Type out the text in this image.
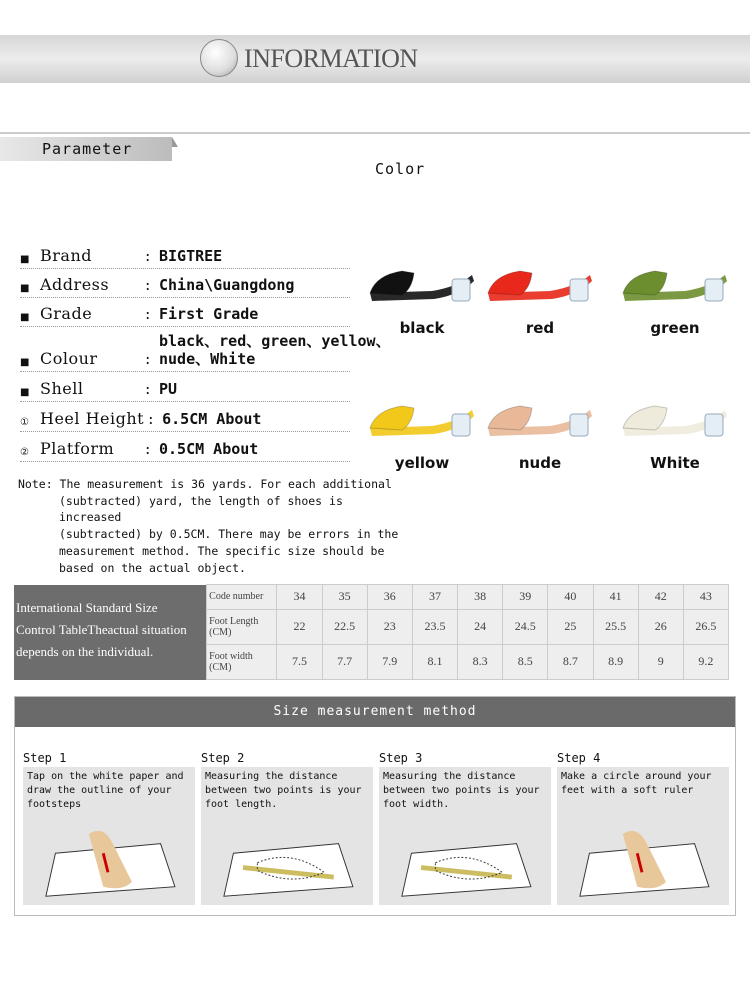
INFORMATION
Parameter
Color
■ Brand	: BIGTREE
■ Address	: China\Guangdong
■ Grade	: First Grade
■ Colour	:
black、red、green、yellow、
nude、White
■ Shell	: PU
① Heel Height : 6.5CM About
② Platform	: 0.5CM About
black	red	green
yellow	nude	White
Note: The measurement is 36 yards. For each additional
(subtracted) yard, the length of shoes is increased
(subtracted) by 0.5CM. There may be errors in the
measurement method. The specific size should be
based on the actual object.
International Standard Size
Control TableTheactual situation
depends on the individual.	Code number	34	35	36	37	38	39	40	41	42	43
	Foot Length (CM)	22	22.5	23	23.5	24	24.5	25	25.5	26	26.5
	Foot width (CM)	7.5	7.7	7.9	8.1	8.3	8.5	8.7	8.9	9	9.2
Size measurement method
Step 1
Tap on the white paper and draw the outline of your footsteps
Step 2
Measuring the distance between two points is your foot length.
Step 3
Measuring the distance between two points is your foot width.
Step 4
Make a circle around your feet with a soft ruler
